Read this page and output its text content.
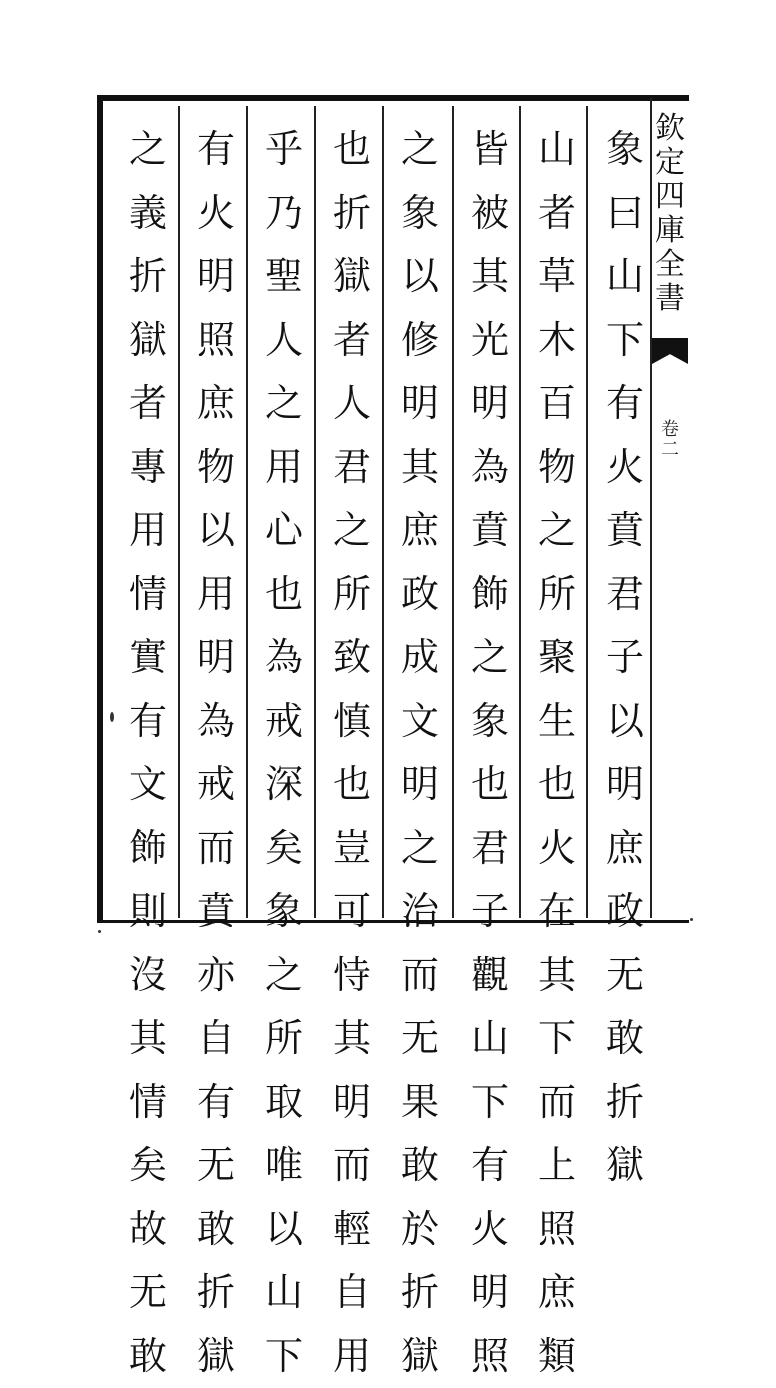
欽
定
四
庫
全
書
卷二
象
曰
山
下
有
火
賁
君
子
以
明
庶
政
无
敢
折
獄
山
者
草
木
百
物
之
所
聚
生
也
火
在
其
下
而
上
照
庶
類
皆
被
其
光
明
為
賁
飾
之
象
也
君
子
觀
山
下
有
火
明
照
之
象
以
修
明
其
庶
政
成
文
明
之
治
而
无
果
敢
於
折
獄
也
折
獄
者
人
君
之
所
致
慎
也
豈
可
恃
其
明
而
輕
自
用
乎
乃
聖
人
之
用
心
也
為
戒
深
矣
象
之
所
取
唯
以
山
下
有
火
明
照
庶
物
以
用
明
為
戒
而
賁
亦
自
有
无
敢
折
獄
之
義
折
獄
者
專
用
情
實
有
文
飾
則
沒
其
情
矣
故
无
敢
